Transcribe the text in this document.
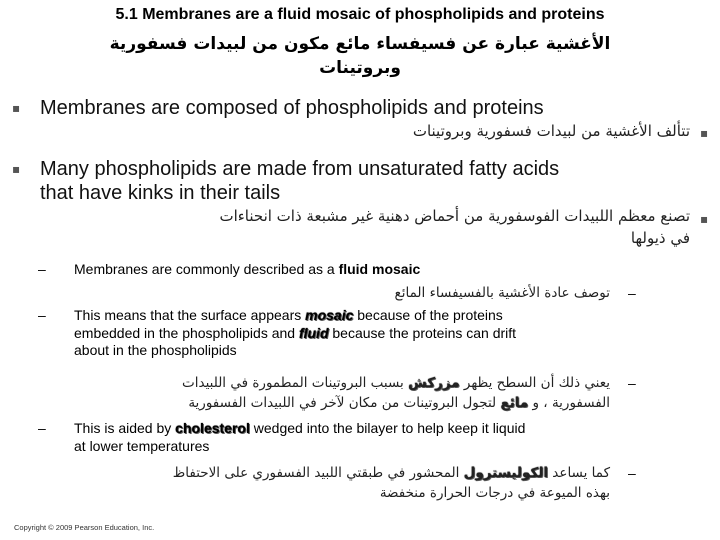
5.1 Membranes are a fluid mosaic of phospholipids and proteins
الأغشية عبارة عن فسيفساء مائع مكون من لبيدات فسفورية
وبروتينات
▪ Membranes are composed of phospholipids and proteins
▪
تتألف الأغشية من لبيدات فسفورية وبروتينات
▪ Many phospholipids are made from unsaturated fatty acids
that have kinks in their tails
▪
تصنع معظم اللبيدات الفوسفورية من أحماض دهنية غير مشبعة ذات انحناءات
في ذيولها
– Membranes are commonly described as a fluid mosaic
–
توصف عادة الأغشية بالفسيفساء المائع
– This means that the surface appears mosaic because of the proteins
embedded in the phospholipids and fluid because the proteins can drift
about in the phospholipids
–
يعني ذلك أن السطح يظهر مزركش بسبب البروتينات المطمورة في اللبيدات
الفسفورية ، و مائع لتجول البروتينات من مكان لآخر في اللبيدات الفسفورية
– This is aided by cholesterol wedged into the bilayer to help keep it liquid
at lower temperatures
–
كما يساعد الكوليسترول المحشور في طبقتي اللبيد الفسفوري على الاحتفاظ
بهذه الميوعة في درجات الحرارة منخفضة
Copyright © 2009 Pearson Education, Inc.
